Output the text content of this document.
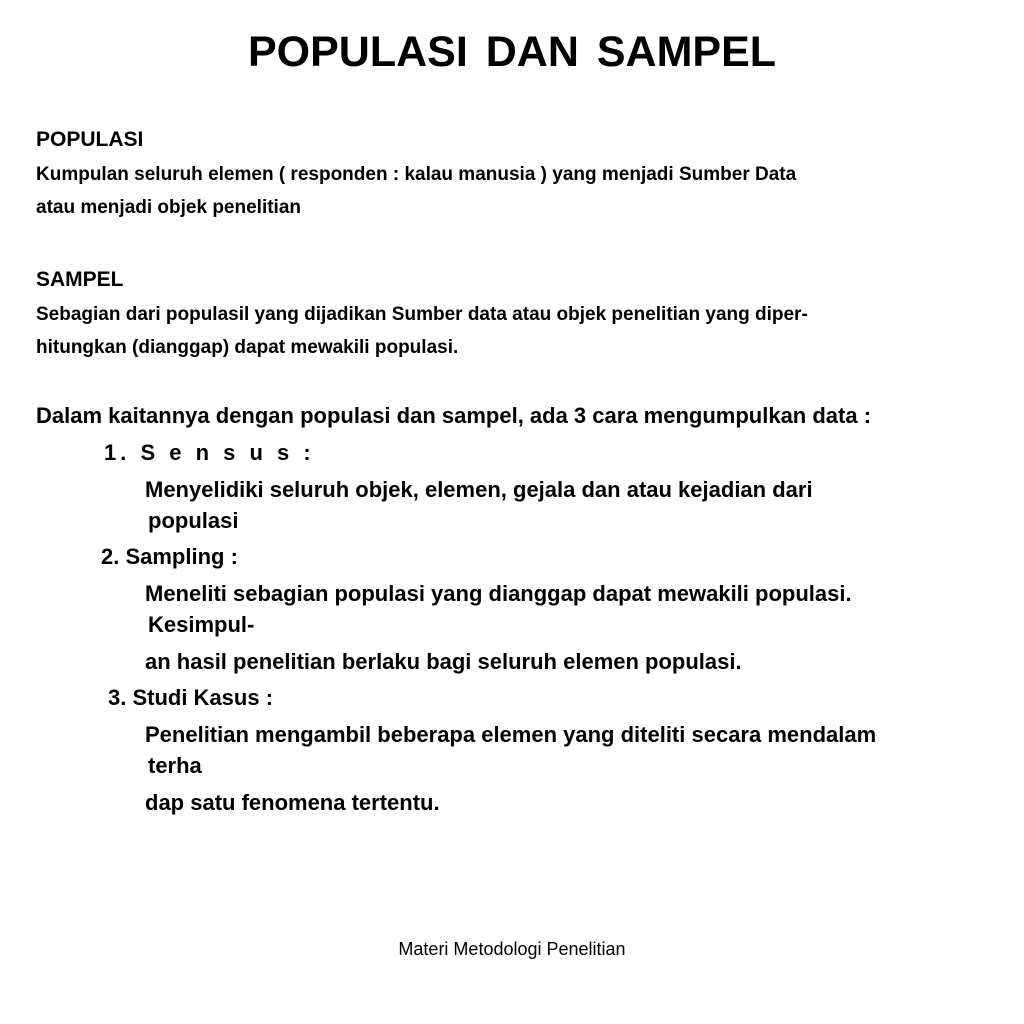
POPULASI DAN SAMPEL
POPULASI
Kumpulan seluruh elemen ( responden : kalau manusia ) yang menjadi Sumber Data
atau menjadi objek penelitian
SAMPEL
Sebagian dari populasil yang dijadikan Sumber data atau objek penelitian yang diper-
hitungkan (dianggap) dapat mewakili populasi.
Dalam kaitannya dengan populasi dan sampel, ada 3 cara mengumpulkan data :
1. S e n s u s :
Menyelidiki seluruh objek, elemen, gejala dan atau kejadian dari
populasi
2. Sampling :
Meneliti sebagian populasi yang dianggap dapat mewakili populasi.
Kesimpul-
an hasil penelitian berlaku bagi seluruh elemen populasi.
3. Studi Kasus :
Penelitian mengambil beberapa elemen yang diteliti secara mendalam
terha
dap satu fenomena tertentu.
Materi Metodologi Penelitian
